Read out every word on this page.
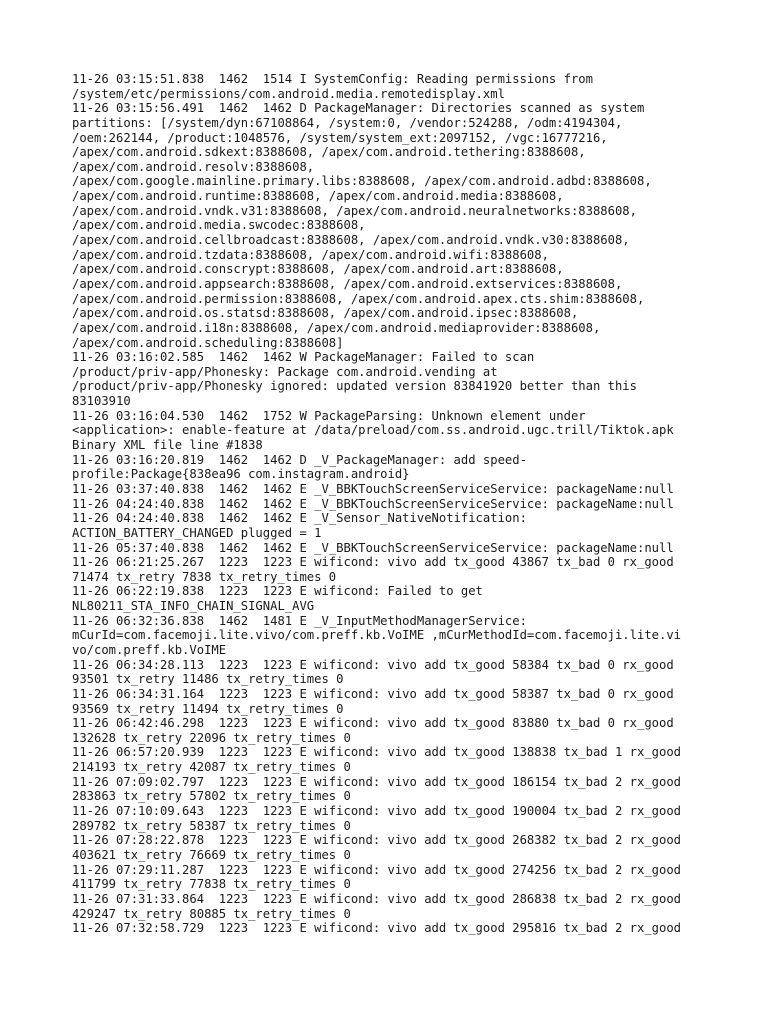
11-26 03:15:51.838  1462  1514 I SystemConfig: Reading permissions from
/system/etc/permissions/com.android.media.remotedisplay.xml
11-26 03:15:56.491  1462  1462 D PackageManager: Directories scanned as system
partitions: [/system/dyn:67108864, /system:0, /vendor:524288, /odm:4194304,
/oem:262144, /product:1048576, /system/system_ext:2097152, /vgc:16777216,
/apex/com.android.sdkext:8388608, /apex/com.android.tethering:8388608,
/apex/com.android.resolv:8388608,
/apex/com.google.mainline.primary.libs:8388608, /apex/com.android.adbd:8388608,
/apex/com.android.runtime:8388608, /apex/com.android.media:8388608,
/apex/com.android.vndk.v31:8388608, /apex/com.android.neuralnetworks:8388608,
/apex/com.android.media.swcodec:8388608,
/apex/com.android.cellbroadcast:8388608, /apex/com.android.vndk.v30:8388608,
/apex/com.android.tzdata:8388608, /apex/com.android.wifi:8388608,
/apex/com.android.conscrypt:8388608, /apex/com.android.art:8388608,
/apex/com.android.appsearch:8388608, /apex/com.android.extservices:8388608,
/apex/com.android.permission:8388608, /apex/com.android.apex.cts.shim:8388608,
/apex/com.android.os.statsd:8388608, /apex/com.android.ipsec:8388608,
/apex/com.android.i18n:8388608, /apex/com.android.mediaprovider:8388608,
/apex/com.android.scheduling:8388608]
11-26 03:16:02.585  1462  1462 W PackageManager: Failed to scan
/product/priv-app/Phonesky: Package com.android.vending at
/product/priv-app/Phonesky ignored: updated version 83841920 better than this
83103910
11-26 03:16:04.530  1462  1752 W PackageParsing: Unknown element under
<application>: enable-feature at /data/preload/com.ss.android.ugc.trill/Tiktok.apk
Binary XML file line #1838
11-26 03:16:20.819  1462  1462 D _V_PackageManager: add speed-
profile:Package{838ea96 com.instagram.android}
11-26 03:37:40.838  1462  1462 E _V_BBKTouchScreenServiceService: packageName:null
11-26 04:24:40.838  1462  1462 E _V_BBKTouchScreenServiceService: packageName:null
11-26 04:24:40.838  1462  1462 E _V_Sensor_NativeNotification:
ACTION_BATTERY_CHANGED plugged = 1
11-26 05:37:40.838  1462  1462 E _V_BBKTouchScreenServiceService: packageName:null
11-26 06:21:25.267  1223  1223 E wificond: vivo add tx_good 43867 tx_bad 0 rx_good
71474 tx_retry 7838 tx_retry_times 0
11-26 06:22:19.838  1223  1223 E wificond: Failed to get
NL80211_STA_INFO_CHAIN_SIGNAL_AVG
11-26 06:32:36.838  1462  1481 E _V_InputMethodManagerService:
mCurId=com.facemoji.lite.vivo/com.preff.kb.VoIME ,mCurMethodId=com.facemoji.lite.vi
vo/com.preff.kb.VoIME
11-26 06:34:28.113  1223  1223 E wificond: vivo add tx_good 58384 tx_bad 0 rx_good
93501 tx_retry 11486 tx_retry_times 0
11-26 06:34:31.164  1223  1223 E wificond: vivo add tx_good 58387 tx_bad 0 rx_good
93569 tx_retry 11494 tx_retry_times 0
11-26 06:42:46.298  1223  1223 E wificond: vivo add tx_good 83880 tx_bad 0 rx_good
132628 tx_retry 22096 tx_retry_times 0
11-26 06:57:20.939  1223  1223 E wificond: vivo add tx_good 138838 tx_bad 1 rx_good
214193 tx_retry 42087 tx_retry_times 0
11-26 07:09:02.797  1223  1223 E wificond: vivo add tx_good 186154 tx_bad 2 rx_good
283863 tx_retry 57802 tx_retry_times 0
11-26 07:10:09.643  1223  1223 E wificond: vivo add tx_good 190004 tx_bad 2 rx_good
289782 tx_retry 58387 tx_retry_times 0
11-26 07:28:22.878  1223  1223 E wificond: vivo add tx_good 268382 tx_bad 2 rx_good
403621 tx_retry 76669 tx_retry_times 0
11-26 07:29:11.287  1223  1223 E wificond: vivo add tx_good 274256 tx_bad 2 rx_good
411799 tx_retry 77838 tx_retry_times 0
11-26 07:31:33.864  1223  1223 E wificond: vivo add tx_good 286838 tx_bad 2 rx_good
429247 tx_retry 80885 tx_retry_times 0
11-26 07:32:58.729  1223  1223 E wificond: vivo add tx_good 295816 tx_bad 2 rx_good
